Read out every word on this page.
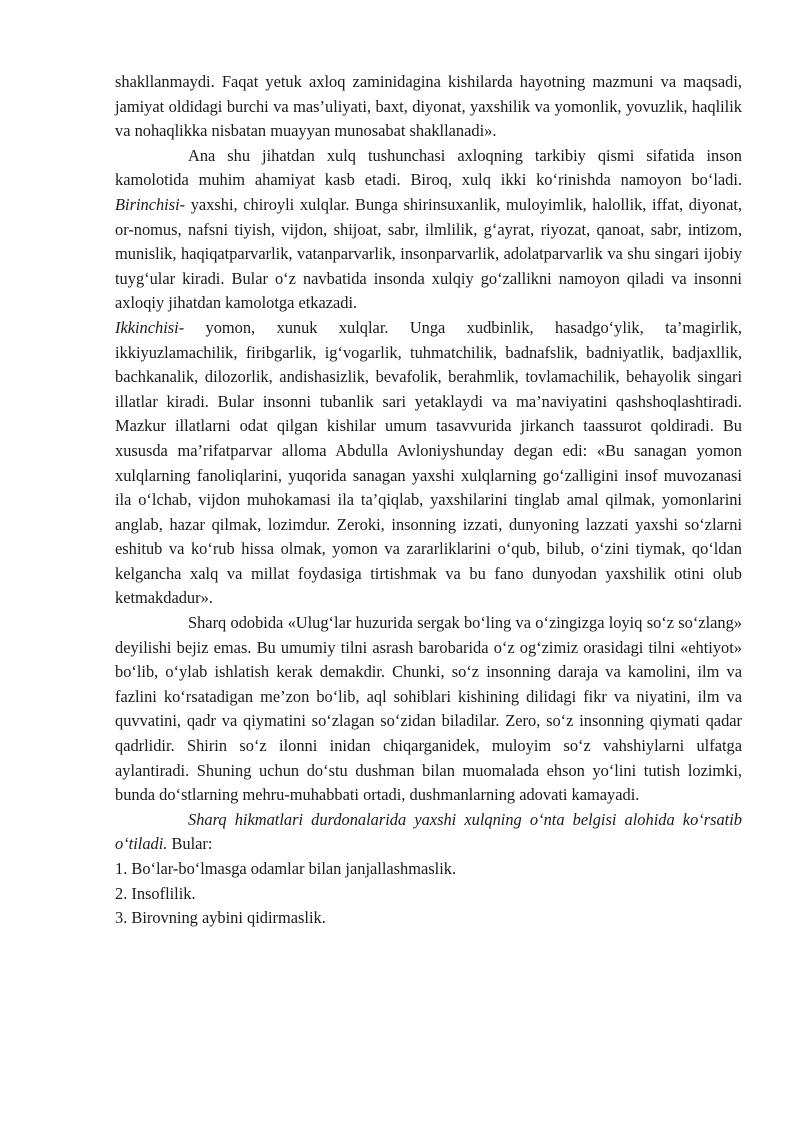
shakllanmaydi. Faqat yetuk axloq zaminidagina kishilarda hayotning mazmuni va maqsadi, jamiyat oldidagi burchi va mas’uliyati, baxt, diyonat, yaxshilik va yomonlik, yovuzlik, haqlilik va nohaqlikka nisbatan muayyan munosabat shakllanadi».

Ana shu jihatdan xulq tushunchasi axloqning tarkibiy qismi sifatida inson kamolotida muhim ahamiyat kasb etadi. Biroq, xulq ikki ko‘rinishda namoyon bo‘ladi. Birinchisi- yaxshi, chiroyli xulqlar. Bunga shirinsuxanlik, muloyimlik, halollik, iffat, diyonat, or-nomus, nafsni tiyish, vijdon, shijoat, sabr, ilmlilik, g‘ayrat, riyozat, qanoat, sabr, intizom, munislik, haqiqatparvarlik, vatanparvarlik, insonparvarlik, adolatparvarlik va shu singari ijobiy tuyg‘ular kiradi. Bular o‘z navbatida insonda xulqiy go‘zallikni namoyon qiladi va insonni axloqiy jihatdan kamolotga etkazadi.

Ikkinchisi- yomon, xunuk xulqlar. Unga xudbinlik, hasadgo‘ylik, ta’magirlik, ikkiyuzlamachilik, firibgarlik, ig‘vogarlik, tuhmatchilik, badnafslik, badniyatlik, badjaxllik, bachkanalik, dilozorlik, andishasizlik, bevafolik, berahmlik, tovlamachilik, behayolik singari illatlar kiradi. Bular insonni tubanlik sari yetaklaydi va ma’naviyatini qashshoqlashtiradi. Mazkur illatlarni odat qilgan kishilar umum tasavvurida jirkanch taassurot qoldiradi. Bu xususda ma’rifatparvar alloma Abdulla Avloniyshunday degan edi: «Bu sanagan yomon xulqlarning fanoliqlarini, yuqorida sanagan yaxshi xulqlarning go‘zalligini insof muvozanasi ila o‘lchab, vijdon muhokamasi ila ta’qiqlab, yaxshilarini tinglab amal qilmak, yomonlarini anglab, hazar qilmak, lozimdur. Zeroki, insonning izzati, dunyoning lazzati yaxshi so‘zlarni eshitub va ko‘rub hissa olmak, yomon va zararliklarini o‘qub, bilub, o‘zini tiymak, qo‘ldan kelgancha xalq va millat foydasiga tirtishmak va bu fano dunyodan yaxshilik otini olub ketmakdadur».

Sharq odobida «Ulug‘lar huzurida sergak bo‘ling va o‘zingizga loyiq so‘z so‘zlang» deyilishi bejiz emas. Bu umumiy tilni asrash barobarida o‘z og‘zimiz orasidagi tilni «ehtiyot» bo‘lib, o‘ylab ishlatish kerak demakdir. Chunki, so‘z insonning daraja va kamolini, ilm va fazlini ko‘rsatadigan me’zon bo‘lib, aql sohiblari kishining dilidagi fikr va niyatini, ilm va quvvatini, qadr va qiymatini so‘zlagan so‘zidan biladilar. Zero, so‘z insonning qiymati qadar qadrlidir. Shirin so‘z ilonni inidan chiqarganidek, muloyim so‘z vahshiylarni ulfatga aylantiradi. Shuning uchun do‘stu dushman bilan muomalada ehson yo‘lini tutish lozimki, bunda do‘stlarning mehru-muhabbati ortadi, dushmanlarning adovati kamayadi.

Sharq hikmatlari durdonalarida yaxshi xulqning o‘nta belgisi alohida ko‘rsatib o‘tiladi. Bular:

1. Bo‘lar-bo‘lmasga odamlar bilan janjallashmaslik.
2. Insoflilik.
3. Birovning aybini qidirmaslik.
